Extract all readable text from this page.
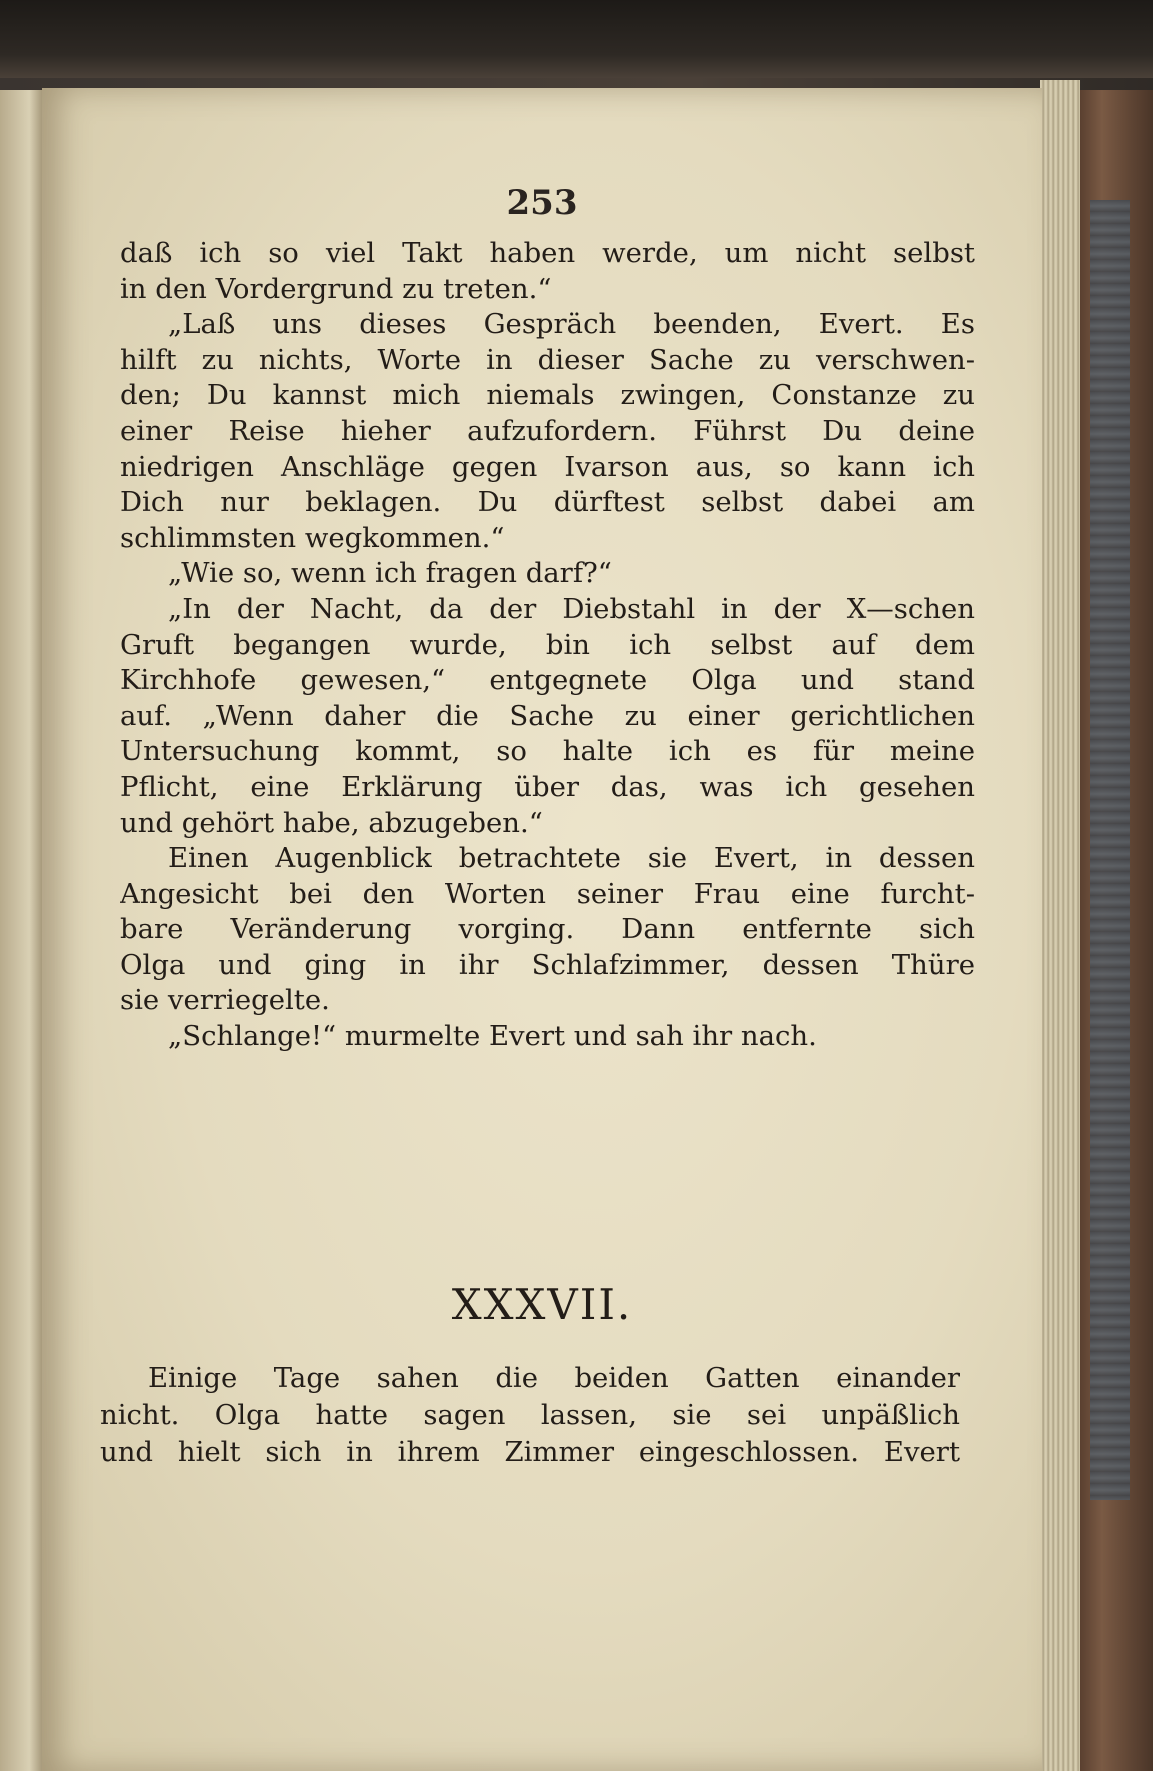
253
daß ich so viel Takt haben werde, um nicht selbst
in den Vordergrund zu treten.“
„Laß uns dieses Gespräch beenden, Evert. Es
hilft zu nichts, Worte in dieser Sache zu verschwen-
den; Du kannst mich niemals zwingen, Constanze zu
einer Reise hieher aufzufordern. Führst Du deine
niedrigen Anschläge gegen Ivarson aus, so kann ich
Dich nur beklagen. Du dürftest selbst dabei am
schlimmsten wegkommen.“
„Wie so, wenn ich fragen darf?“
„In der Nacht, da der Diebstahl in der X—schen
Gruft begangen wurde, bin ich selbst auf dem
Kirchhofe gewesen,“ entgegnete Olga und stand
auf. „Wenn daher die Sache zu einer gerichtlichen
Untersuchung kommt, so halte ich es für meine
Pflicht, eine Erklärung über das, was ich gesehen
und gehört habe, abzugeben.“
Einen Augenblick betrachtete sie Evert, in dessen
Angesicht bei den Worten seiner Frau eine furcht-
bare Veränderung vorging. Dann entfernte sich
Olga und ging in ihr Schlafzimmer, dessen Thüre
sie verriegelte.
„Schlange!“ murmelte Evert und sah ihr nach.
XXXVII.
Einige Tage sahen die beiden Gatten einander
nicht. Olga hatte sagen lassen, sie sei unpäßlich
und hielt sich in ihrem Zimmer eingeschlossen. Evert
